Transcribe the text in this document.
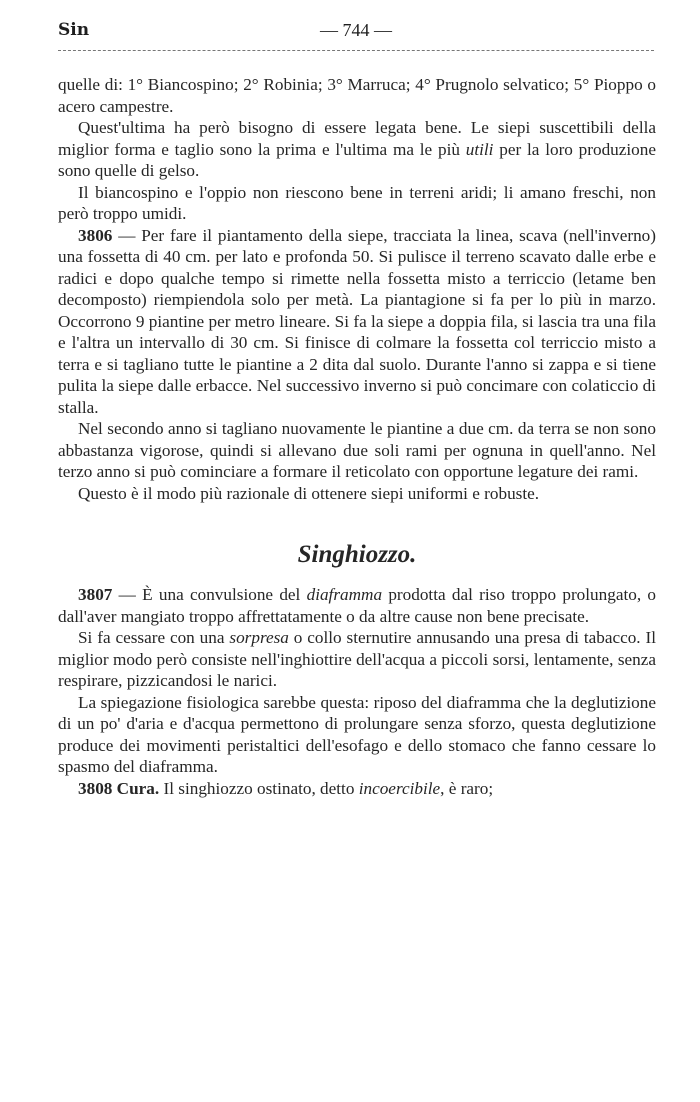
Sin	— 744 —

quelle di: 1° Biancospino; 2° Robinia; 3° Marruca; 4° Prugnolo selvatico; 5° Pioppo o acero campestre.

Quest'ultima ha però bisogno di essere legata bene. Le siepi suscettibili della miglior forma e taglio sono la prima e l'ultima ma le più utili per la loro produzione sono quelle di gelso.

Il biancospino e l'oppio non riescono bene in terreni aridi; li amano freschi, non però troppo umidi.

3806 — Per fare il piantamento della siepe, tracciata la linea, scava (nell'inverno) una fossetta di 40 cm. per lato e profonda 50. Si pulisce il terreno scavato dalle erbe e radici e dopo qualche tempo si rimette nella fossetta misto a terriccio (letame ben decomposto) riempiendola solo per metà. La piantagione si fa per lo più in marzo. Occorrono 9 piantine per metro lineare. Si fa la siepe a doppia fila, si lascia tra una fila e l'altra un intervallo di 30 cm. Si finisce di colmare la fossetta col terriccio misto a terra e si tagliano tutte le piantine a 2 dita dal suolo. Durante l'anno si zappa e si tiene pulita la siepe dalle erbacce. Nel successivo inverno si può concimare con colaticcio di stalla.

Nel secondo anno si tagliano nuovamente le piantine a due cm. da terra se non sono abbastanza vigorose, quindi si allevano due soli rami per ognuna in quell'anno. Nel terzo anno si può cominciare a formare il reticolato con opportune legature dei rami.

Questo è il modo più razionale di ottenere siepi uniformi e robuste.

Singhiozzo.

3807 — È una convulsione del diaframma prodotta dal riso troppo prolungato, o dall'aver mangiato troppo affrettatamente o da altre cause non bene precisate.

Si fa cessare con una sorpresa o collo sternutire annusando una presa di tabacco. Il miglior modo però consiste nell'inghiottire dell'acqua a piccoli sorsi, lentamente, senza respirare, pizzicandosi le narici.

La spiegazione fisiologica sarebbe questa: riposo del diaframma che la deglutizione di un po' d'aria e d'acqua permettono di prolungare senza sforzo, questa deglutizione produce dei movimenti peristaltici dell'esofago e dello stomaco che fanno cessare lo spasmo del diaframma.

3808 Cura. Il singhiozzo ostinato, detto incoercibile, è raro;
